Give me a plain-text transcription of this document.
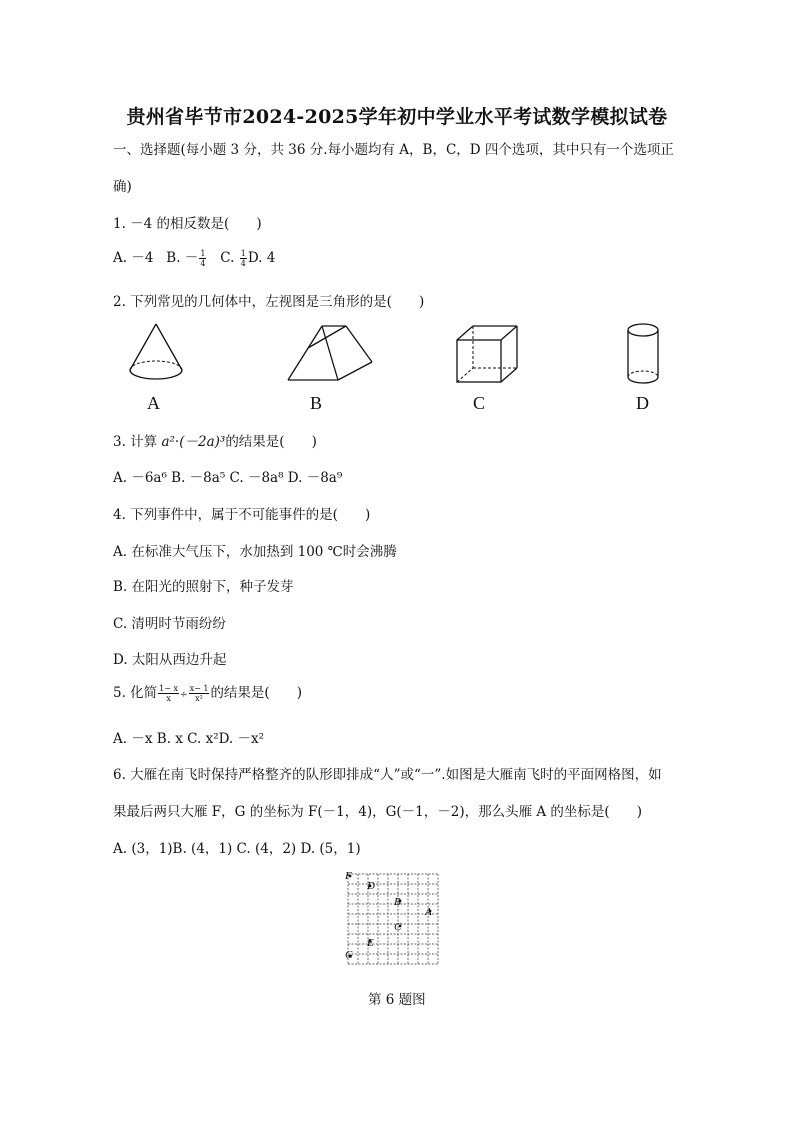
贵州省毕节市2024-2025学年初中学业水平考试数学模拟试卷
一、选择题(每小题 3 分，共 36 分.每小题均有 A，B，C，D 四个选项，其中只有一个选项正
确)
1. －4 的相反数是(　　)
A. －4 B. － $\frac{1}{4} C$. $\frac{1}{4} D$. 4
2. 下列常见的几何体中，左视图是三角形的是(　　)
A	B	C	D
3. 计算 a²·(－2a)³的结果是(　　)
A. －6a⁶ B. －8a⁵ C. －8a⁸ D. －8a⁹
4. 下列事件中，属于不可能事件的是(　　)
A. 在标准大气压下，水加热到 100 ℃时会沸腾
B. 在阳光的照射下，种子发芽
C. 清明时节雨纷纷
D. 太阳从西边升起
5. 化简 $\frac{1- x}{x} \div \frac{x- 1}{\text{x²}}$ 的结果是(　　)
A. －x B. x C. x²D. －x²
6. 大雁在南飞时保持严格整齐的队形即排成“人”或“一”.如图是大雁南飞时的平面网格图，如
果最后两只大雁 F，G 的坐标为 F(－1，4)，G(－1，－2)，那么头雁 A 的坐标是(　　)
A. (3，1)B. (4，1) C. (4，2) D. (5，1)
F
D
B
A
C
E
G
第 6 题图
